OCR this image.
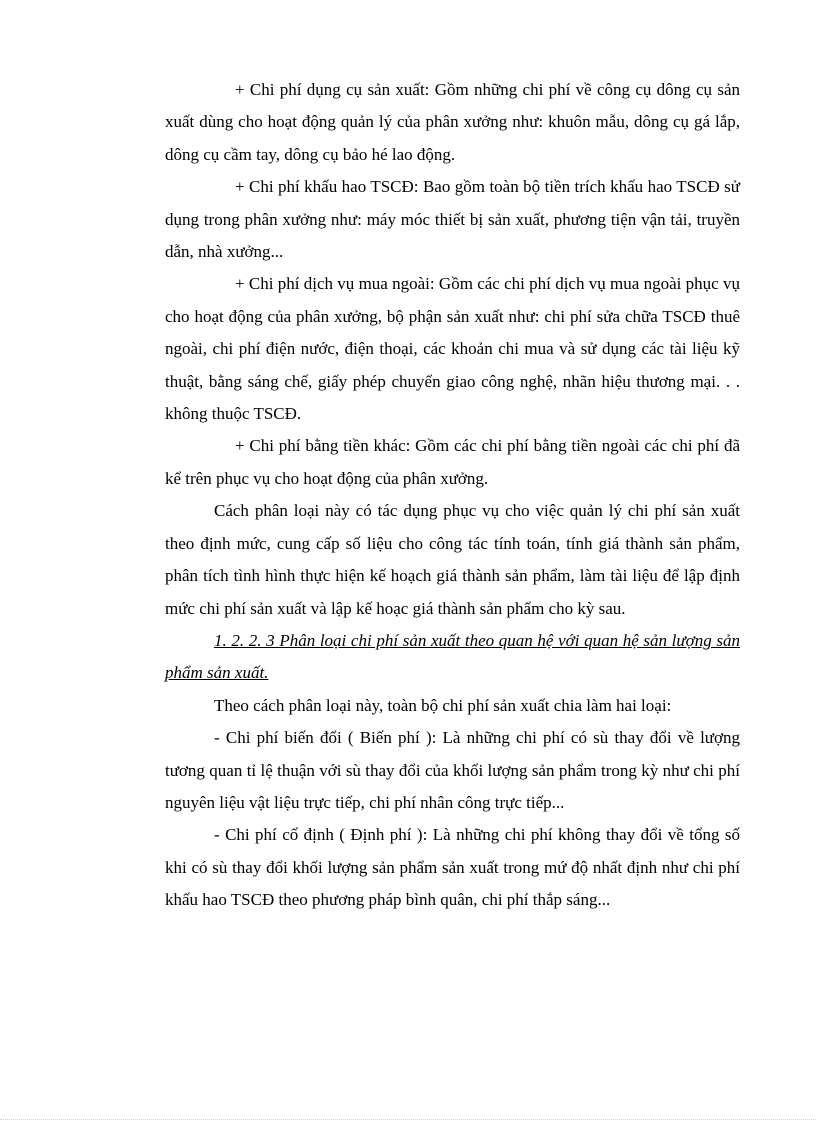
+ Chi phí dụng cụ sản xuất: Gồm những chi phí về công cụ dông cụ sản xuất dùng cho hoạt động quản lý của phân xưởng như: khuôn mẫu, dông cụ gá lắp, dông cụ cầm tay, dông cụ bảo hé lao động.

+ Chi phí khấu hao TSCĐ: Bao gồm toàn bộ tiền trích khấu hao TSCĐ sử dụng trong phân xưởng như: máy móc thiết bị sản xuất, phương tiện vận tải, truyền dẫn, nhà xưởng...

+ Chi phí dịch vụ mua ngoài: Gồm các chi phí dịch vụ mua ngoài phục vụ cho hoạt động của phân xưởng, bộ phận sản xuất như: chi phí sửa chữa TSCĐ thuê ngoài, chi phí điện nước, điện thoại, các khoản chi mua và sử dụng các tài liệu kỹ thuật, bằng sáng chế, giấy phép chuyển giao công nghệ, nhãn hiệu thương mại. . . không thuộc TSCĐ.

+ Chi phí bằng tiền khác: Gồm các chi phí bằng tiền ngoài các chi phí đã kể trên phục vụ cho hoạt động của phân xưởng.

Cách phân loại này có tác dụng phục vụ cho việc quản lý chi phí sản xuất theo định mức, cung cấp số liệu cho công tác tính toán, tính giá thành sản phẩm, phân tích tình hình thực hiện kế hoạch giá thành sản phẩm, làm tài liệu để lập định mức chi phí sản xuất và lập kế hoạc giá thành sản phẩm cho kỳ sau.

1. 2. 2. 3 Phân loại chi phí sản xuất theo quan hệ với quan hệ sản lượng sản phẩm sản xuất.

Theo cách phân loại này, toàn bộ chi phí sản xuất chia làm hai loại:

- Chi phí biến đổi ( Biến phí ): Là những chi phí có sù thay đổi về lượng tương quan tỉ lệ thuận với sù thay đổi của khối lượng sản phẩm trong kỳ như chi phí nguyên liệu vật liệu trực tiếp, chi phí nhân công trực tiếp...

- Chi phí cố định ( Định phí ): Là những chi phí không thay đổi về tổng số khi có sù thay đổi khối lượng sản phẩm sản xuất trong mứ độ nhất định như chi phí khấu hao TSCĐ theo phương pháp bình quân, chi phí thắp sáng...
